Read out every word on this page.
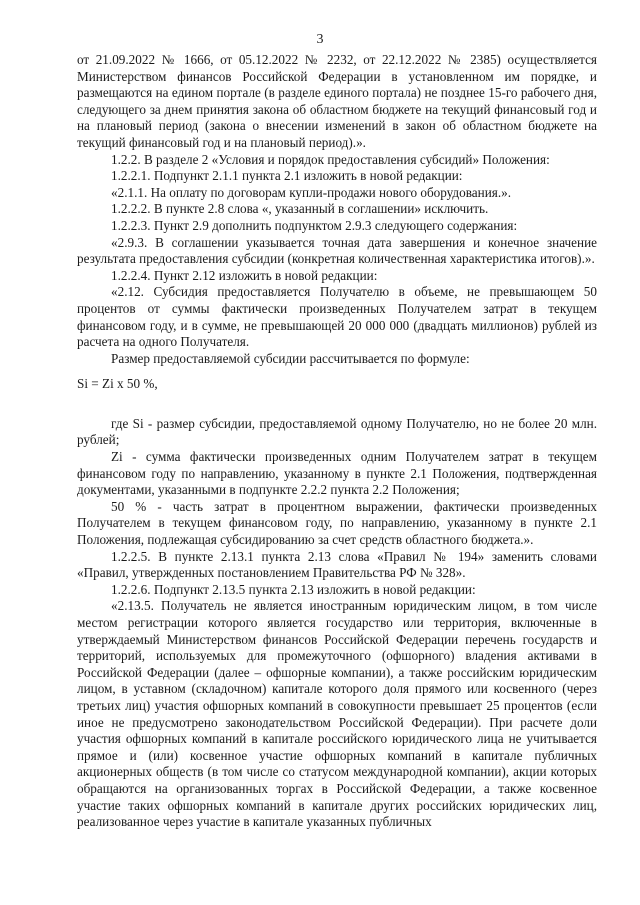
3

от 21.09.2022 № 1666, от 05.12.2022 № 2232, от 22.12.2022 № 2385) осуществляется Министерством финансов Российской Федерации в установленном им порядке, и размещаются на едином портале (в разделе единого портала) не позднее 15-го рабочего дня, следующего за днем принятия закона об областном бюджете на текущий финансовый год и на плановый период (закона о внесении изменений в закон об областном бюджете на текущий финансовый год и на плановый период).».

1.2.2. В разделе 2 «Условия и порядок предоставления субсидий» Положения:

1.2.2.1. Подпункт 2.1.1 пункта 2.1 изложить в новой редакции:

«2.1.1. На оплату по договорам купли-продажи нового оборудования.».

1.2.2.2. В пункте 2.8 слова «, указанный в соглашении» исключить.

1.2.2.3. Пункт 2.9 дополнить подпунктом 2.9.3 следующего содержания:

«2.9.3. В соглашении указывается точная дата завершения и конечное значение результата предоставления субсидии (конкретная количественная характеристика итогов).».

1.2.2.4. Пункт 2.12 изложить в новой редакции:

«2.12. Субсидия предоставляется Получателю в объеме, не превышающем 50 процентов от суммы фактически произведенных Получателем затрат в текущем финансовом году, и в сумме, не превышающей 20 000 000 (двадцать миллионов) рублей из расчета на одного Получателя.

Размер предоставляемой субсидии рассчитывается по формуле:

Si = Zi х 50 %,

где Si - размер субсидии, предоставляемой одному Получателю, но не более 20 млн. рублей;

Zi - сумма фактически произведенных одним Получателем затрат в текущем финансовом году по направлению, указанному в пункте 2.1 Положения, подтвержденная документами, указанными в подпункте 2.2.2 пункта 2.2 Положения;

50 % - часть затрат в процентном выражении, фактически произведенных Получателем в текущем финансовом году, по направлению, указанному в пункте 2.1 Положения, подлежащая субсидированию за счет средств областного бюджета.».

1.2.2.5. В пункте 2.13.1 пункта 2.13 слова «Правил № 194» заменить словами «Правил, утвержденных постановлением Правительства РФ № 328».

1.2.2.6. Подпункт 2.13.5 пункта 2.13 изложить в новой редакции:

«2.13.5. Получатель не является иностранным юридическим лицом, в том числе местом регистрации которого является государство или территория, включенные в утверждаемый Министерством финансов Российской Федерации перечень государств и территорий, используемых для промежуточного (офшорного) владения активами в Российской Федерации (далее – офшорные компании), а также российским юридическим лицом, в уставном (складочном) капитале которого доля прямого или косвенного (через третьих лиц) участия офшорных компаний в совокупности превышает 25 процентов (если иное не предусмотрено законодательством Российской Федерации). При расчете доли участия офшорных компаний в капитале российского юридического лица не учитывается прямое и (или) косвенное участие офшорных компаний в капитале публичных акционерных обществ (в том числе со статусом международной компании), акции которых обращаются на организованных торгах в Российской Федерации, а также косвенное участие таких офшорных компаний в капитале других российских юридических лиц, реализованное через участие в капитале указанных публичных
